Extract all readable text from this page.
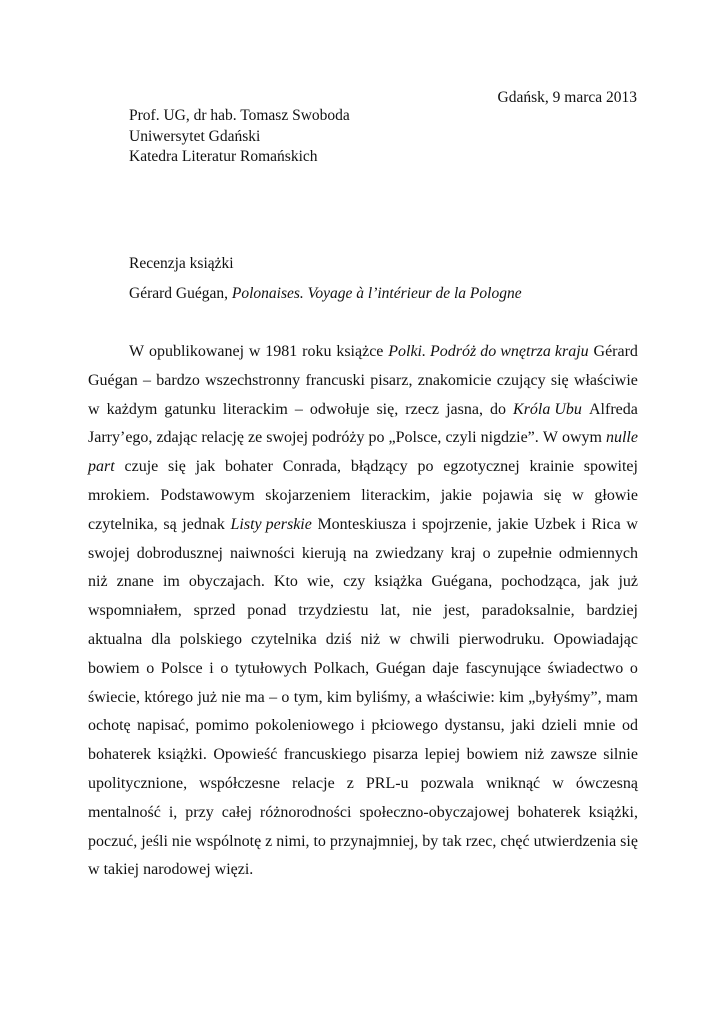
Gdańsk, 9 marca 2013
Prof. UG, dr hab. Tomasz Swoboda
Uniwersytet Gdański
Katedra Literatur Romańskich
Recenzja książki
Gérard Guégan, Polonaises. Voyage à l’intérieur de la Pologne
W opublikowanej w 1981 roku książce Polki. Podróż do wnętrza kraju Gérard
Guégan – bardzo wszechstronny francuski pisarz, znakomicie czujący się właściwie
w każdym gatunku literackim – odwołuje się, rzecz jasna, do Króla Ubu Alfreda
Jarry’ego, zdając relację ze swojej podróży po „Polsce, czyli nigdzie”. W owym nulle
part czuje się jak bohater Conrada, błądzący po egzotycznej krainie spowitej
mrokiem. Podstawowym skojarzeniem literackim, jakie pojawia się w głowie
czytelnika, są jednak Listy perskie Monteskiusza i spojrzenie, jakie Uzbek i Rica w
swojej dobrodusznej naiwności kierują na zwiedzany kraj o zupełnie odmiennych
niż znane im obyczajach. Kto wie, czy książka Guégana, pochodząca, jak już
wspomniałem, sprzed ponad trzydziestu lat, nie jest, paradoksalnie, bardziej
aktualna dla polskiego czytelnika dziś niż w chwili pierwodruku. Opowiadając
bowiem o Polsce i o tytułowych Polkach, Guégan daje fascynujące świadectwo o
świecie, którego już nie ma – o tym, kim byliśmy, a właściwie: kim „byłyśmy”, mam
ochotę napisać, pomimo pokoleniowego i płciowego dystansu, jaki dzieli mnie od
bohaterek książki. Opowieść francuskiego pisarza lepiej bowiem niż zawsze silnie
upolitycznione, współczesne relacje z PRL-u pozwala wniknąć w ówczesną
mentalność i, przy całej różnorodności społeczno-obyczajowej bohaterek książki,
poczuć, jeśli nie wspólnotę z nimi, to przynajmniej, by tak rzec, chęć utwierdzenia się
w takiej narodowej więzi.
